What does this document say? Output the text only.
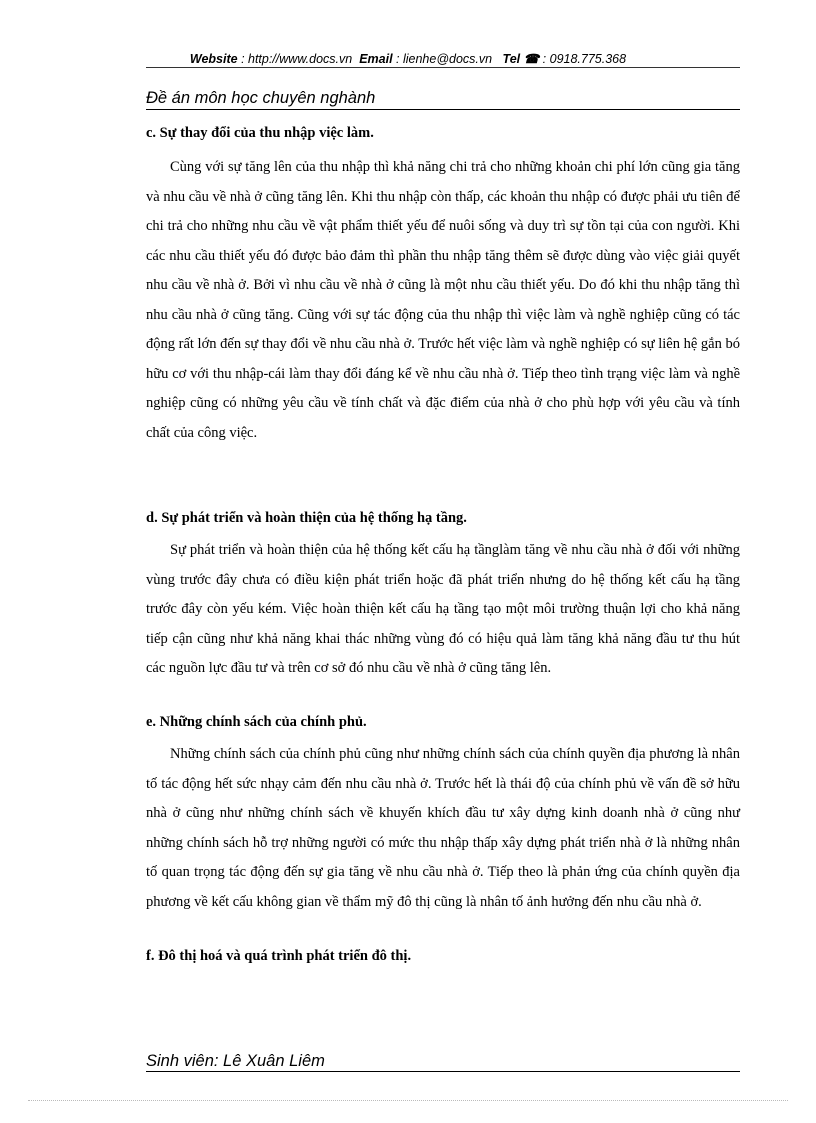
Website : http://www.docs.vn Email : lienhe@docs.vn Tel ☎ : 0918.775.368
Đề án môn học chuyên nghành

c. Sự thay đổi của thu nhập việc làm.

Cùng với sự tăng lên của thu nhập thì khả năng chi trả cho những khoản chi phí lớn cũng gia tăng và nhu cầu về nhà ở cũng tăng lên. Khi thu nhập còn thấp, các khoản thu nhập có được phải ưu tiên để chi trả cho những nhu cầu về vật phẩm thiết yếu để nuôi sống và duy trì sự tồn tại của con người. Khi các nhu cầu thiết yếu đó được bảo đảm thì phần thu nhập tăng thêm sẽ được dùng vào việc giải quyết nhu cầu về nhà ở. Bởi vì nhu cầu về nhà ở cũng là một nhu cầu thiết yếu. Do đó khi thu nhập tăng thì nhu cầu nhà ở cũng tăng. Cũng với sự tác động của thu nhập thì việc làm và nghề nghiệp cũng có tác động rất lớn đến sự thay đổi về nhu cầu nhà ở. Trước hết việc làm và nghề nghiệp có sự liên hệ gắn bó hữu cơ với thu nhập-cái làm thay đổi đáng kể về nhu cầu nhà ở. Tiếp theo tình trạng việc làm và nghề nghiệp cũng có những yêu cầu về tính chất và đặc điểm của nhà ở cho phù hợp với yêu cầu và tính chất của công việc.

d. Sự phát triển và hoàn thiện của hệ thống hạ tầng.

Sự phát triển và hoàn thiện của hệ thống kết cấu hạ tầnglàm tăng về nhu cầu nhà ở đối với những vùng trước đây chưa có điều kiện phát triển hoặc đã phát triển nhưng do hệ thống kết cấu hạ tầng trước đây còn yếu kém. Việc hoàn thiện kết cấu hạ tầng tạo một môi trường thuận lợi cho khả năng tiếp cận cũng như khả năng khai thác những vùng đó có hiệu quả làm tăng khả năng đầu tư thu hút các nguồn lực đầu tư và trên cơ sở đó nhu cầu về nhà ở cũng tăng lên.

e. Những chính sách của chính phủ.

Những chính sách của chính phủ cũng như những chính sách của chính quyền địa phương là nhân tố tác động hết sức nhạy cảm đến nhu cầu nhà ở. Trước hết là thái độ của chính phủ về vấn đề sở hữu nhà ở cũng như những chính sách về khuyến khích đầu tư xây dựng kinh doanh nhà ở cũng như những chính sách hỗ trợ những người có mức thu nhập thấp xây dựng phát triển nhà ở là những nhân tố quan trọng tác động đến sự gia tăng về nhu cầu nhà ở. Tiếp theo là phản ứng của chính quyền địa phương về kết cấu không gian về thẩm mỹ đô thị cũng là nhân tố ảnh hưởng đến nhu cầu nhà ở.

f. Đô thị hoá và quá trình phát triển đô thị.

Sinh viên: Lê Xuân Liêm
